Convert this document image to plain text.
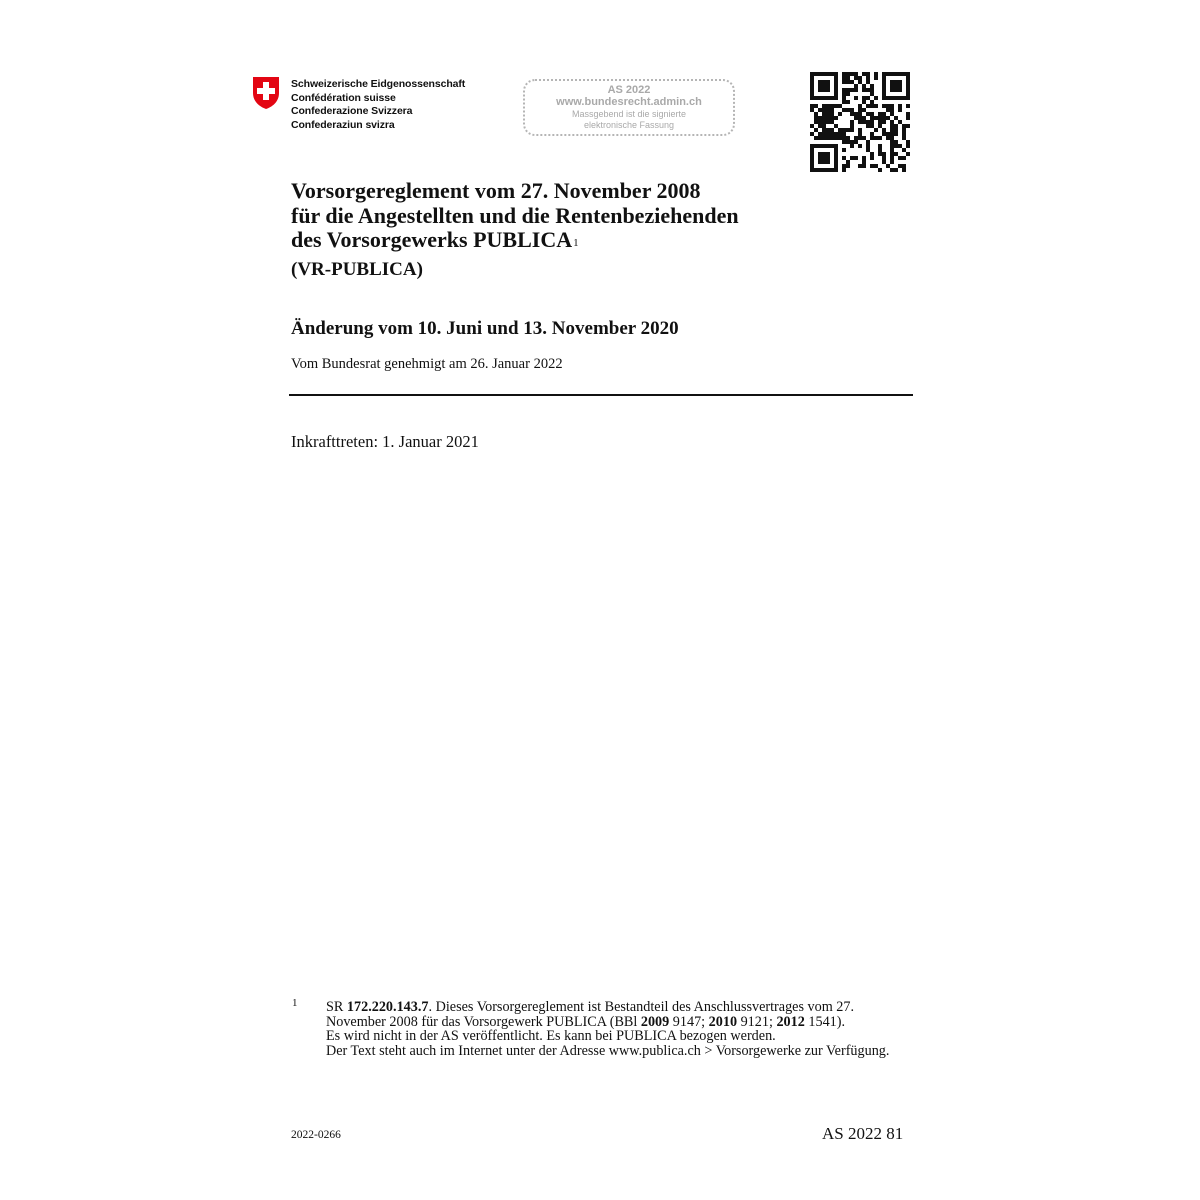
Schweizerische Eidgenossenschaft
Confédération suisse
Confederazione Svizzera
Confederaziun svizra
AS 2022
www.bundesrecht.admin.ch
Massgebend ist die signierte
elektronische Fassung
Vorsorgereglement vom 27. November 2008
für die Angestellten und die Rentenbeziehenden
des Vorsorgewerks PUBLICA$^1$
(VR-PUBLICA)
Änderung vom 10. Juni und 13. November 2020
Vom Bundesrat genehmigt am 26. Januar 2022
Inkrafttreten: 1. Januar 2021
1 SR 172.220.143.7. Dieses Vorsorgereglement ist Bestandteil des Anschlussvertrages vom 27. November 2008 für das Vorsorgewerk PUBLICA (BBl 2009 9147; 2010 9121; 2012 1541).
Es wird nicht in der AS veröffentlicht. Es kann bei PUBLICA bezogen werden.
Der Text steht auch im Internet unter der Adresse www.publica.ch > Vorsorgewerke zur Verfügung.
2022-0266	AS 2022 81
